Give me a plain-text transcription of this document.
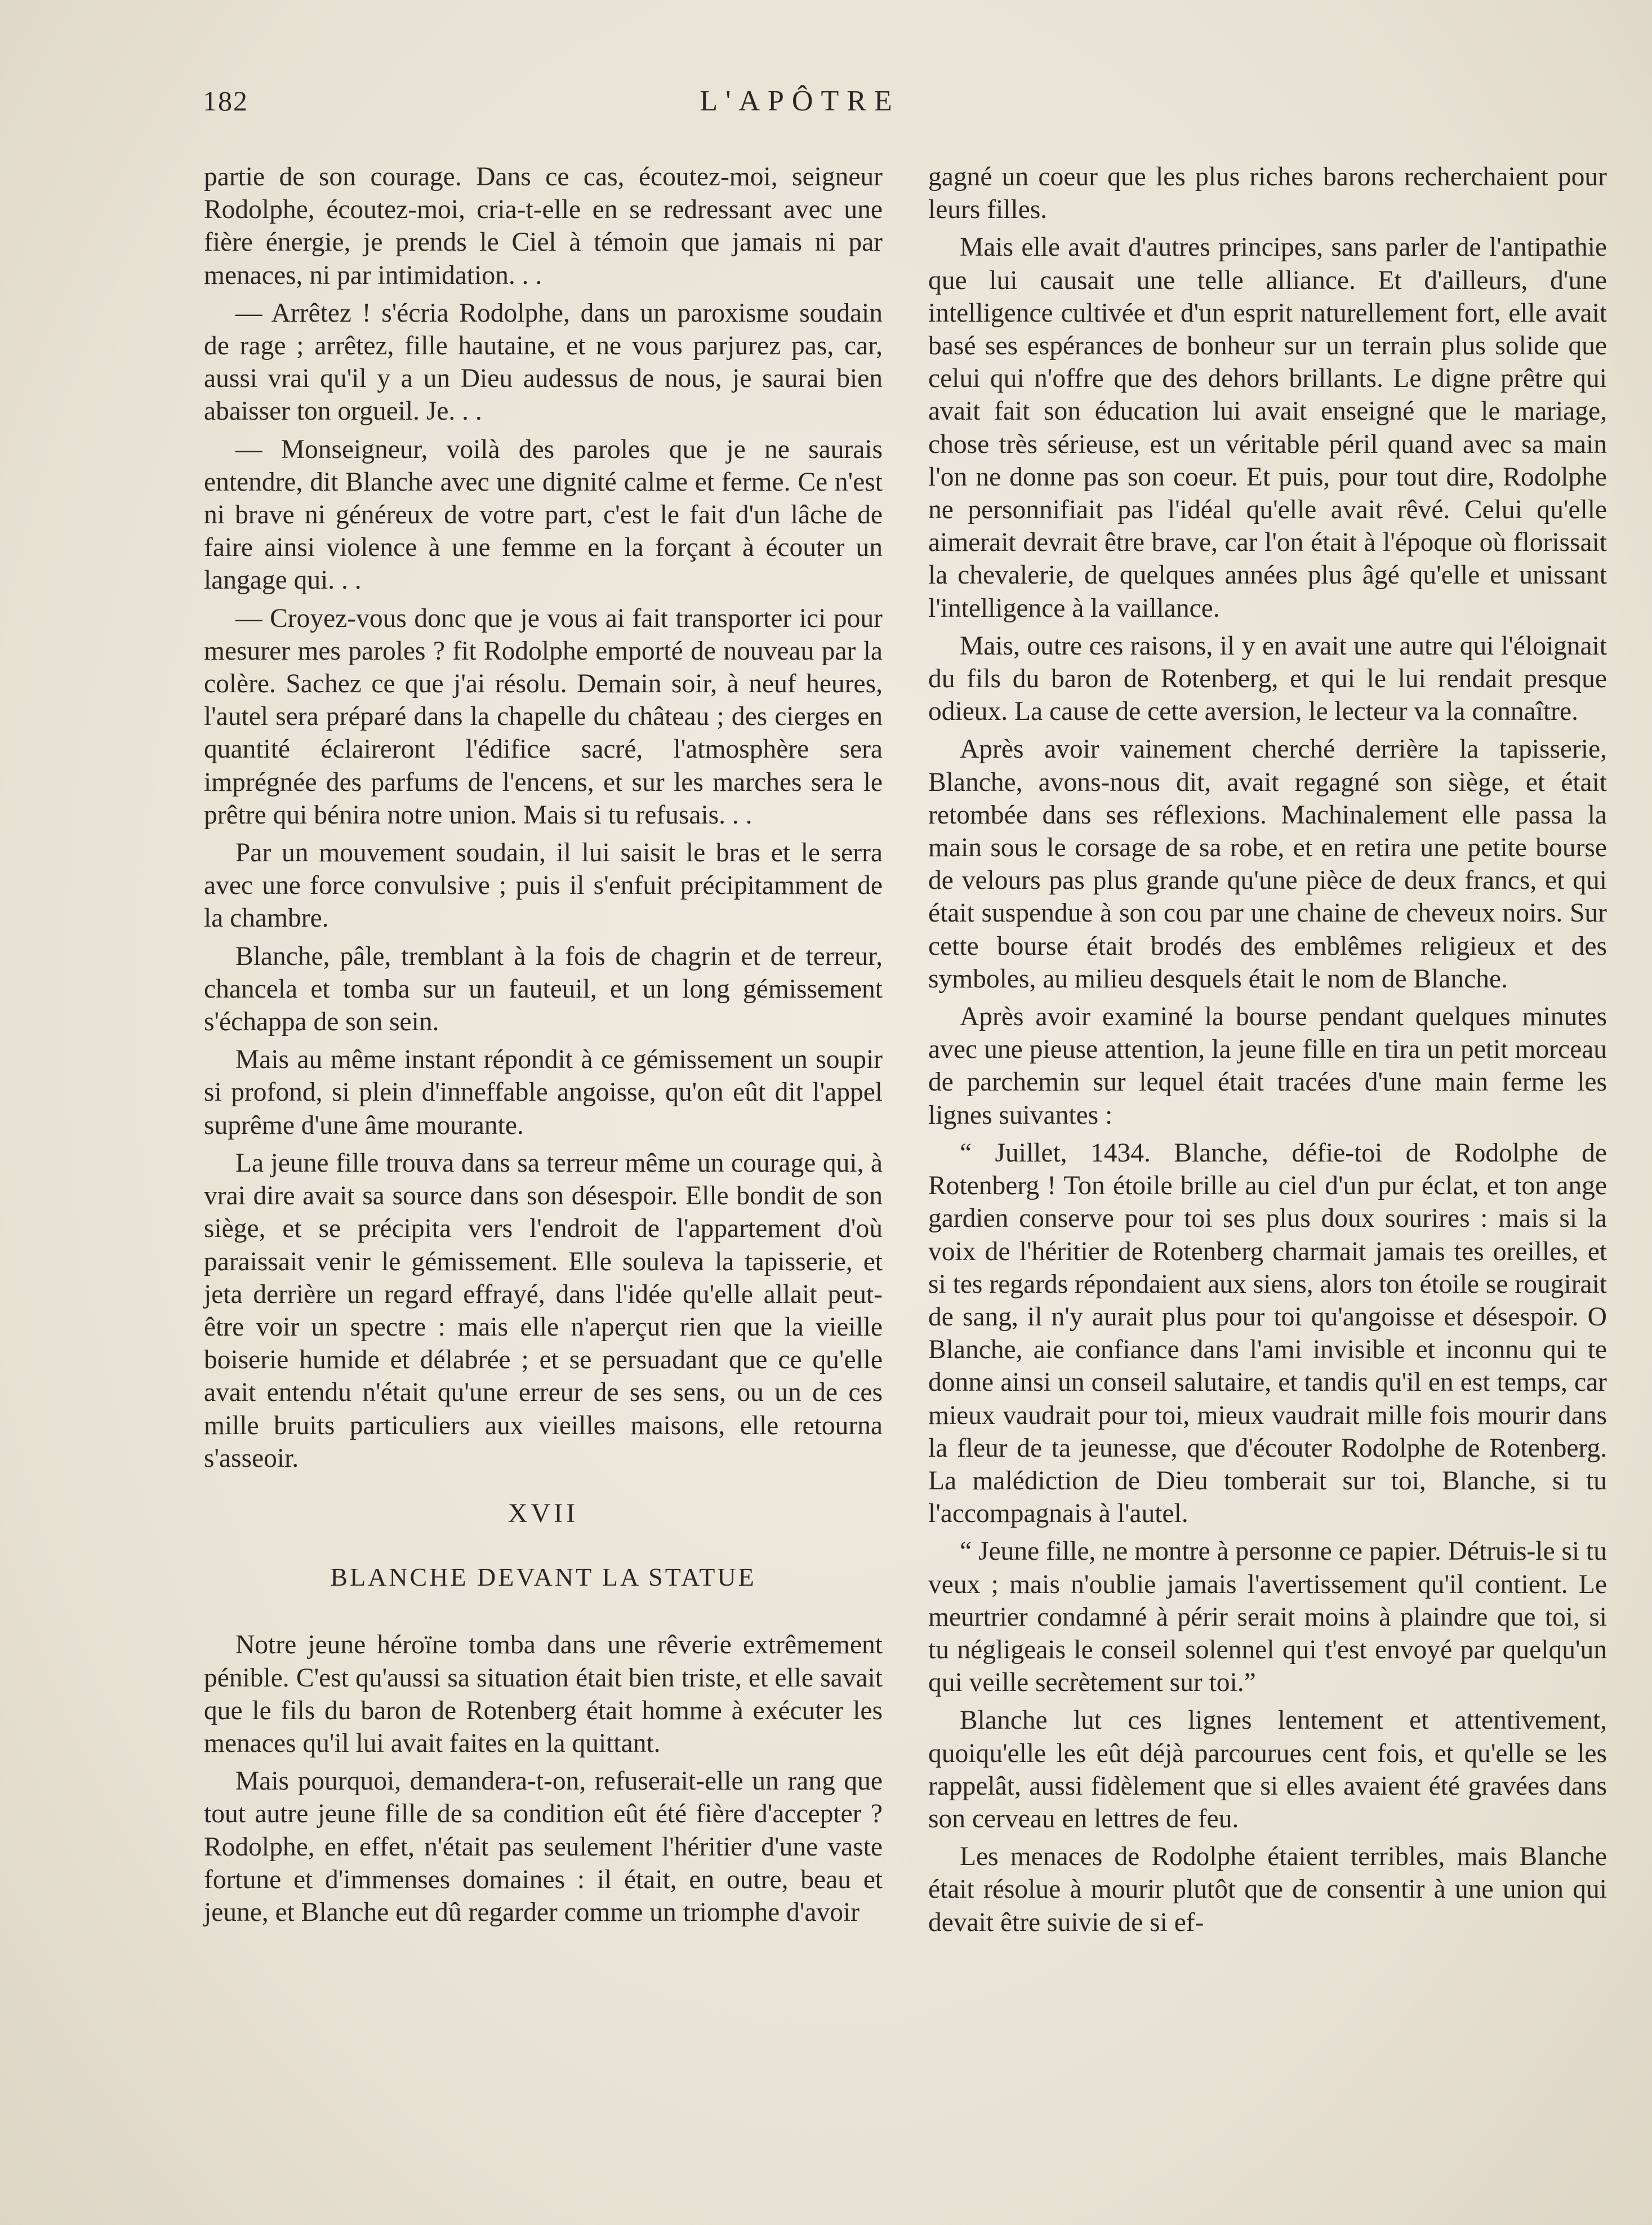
182	L'APÔTRE

partie de son courage. Dans ce cas, écoutez-moi, seigneur Rodolphe, écoutez-moi, cria-t-elle en se redressant avec une fière énergie, je prends le Ciel à témoin que jamais ni par menaces, ni par intimidation. . .

— Arrêtez ! s'écria Rodolphe, dans un paroxisme soudain de rage ; arrêtez, fille hautaine, et ne vous parjurez pas, car, aussi vrai qu'il y a un Dieu audessus de nous, je saurai bien abaisser ton orgueil. Je. . .

— Monseigneur, voilà des paroles que je ne saurais entendre, dit Blanche avec une dignité calme et ferme. Ce n'est ni brave ni généreux de votre part, c'est le fait d'un lâche de faire ainsi violence à une femme en la forçant à écouter un langage qui. . .

— Croyez-vous donc que je vous ai fait transporter ici pour mesurer mes paroles ? fit Rodolphe emporté de nouveau par la colère. Sachez ce que j'ai résolu. Demain soir, à neuf heures, l'autel sera préparé dans la chapelle du château ; des cierges en quantité éclaireront l'édifice sacré, l'atmosphère sera imprégnée des parfums de l'encens, et sur les marches sera le prêtre qui bénira notre union. Mais si tu refusais. . .

Par un mouvement soudain, il lui saisit le bras et le serra avec une force convulsive ; puis il s'enfuit précipitamment de la chambre.

Blanche, pâle, tremblant à la fois de chagrin et de terreur, chancela et tomba sur un fauteuil, et un long gémissement s'échappa de son sein.

Mais au même instant répondit à ce gémissement un soupir si profond, si plein d'inneffable angoisse, qu'on eût dit l'appel suprême d'une âme mourante.

La jeune fille trouva dans sa terreur même un courage qui, à vrai dire avait sa source dans son désespoir. Elle bondit de son siège, et se précipita vers l'endroit de l'appartement d'où paraissait venir le gémissement. Elle souleva la tapisserie, et jeta derrière un regard effrayé, dans l'idée qu'elle allait peut-être voir un spectre : mais elle n'aperçut rien que la vieille boiserie humide et délabrée ; et se persuadant que ce qu'elle avait entendu n'était qu'une erreur de ses sens, ou un de ces mille bruits particuliers aux vieilles maisons, elle retourna s'asseoir.

XVII
BLANCHE DEVANT LA STATUE

Notre jeune héroïne tomba dans une rêverie extrêmement pénible. C'est qu'aussi sa situation était bien triste, et elle savait que le fils du baron de Rotenberg était homme à exécuter les menaces qu'il lui avait faites en la quittant.

Mais pourquoi, demandera-t-on, refuserait-elle un rang que tout autre jeune fille de sa condition eût été fière d'accepter ? Rodolphe, en effet, n'était pas seulement l'héritier d'une vaste fortune et d'immenses domaines : il était, en outre, beau et jeune, et Blanche eut dû regarder comme un triomphe d'avoir

gagné un coeur que les plus riches barons recherchaient pour leurs filles.

Mais elle avait d'autres principes, sans parler de l'antipathie que lui causait une telle alliance. Et d'ailleurs, d'une intelligence cultivée et d'un esprit naturellement fort, elle avait basé ses espérances de bonheur sur un terrain plus solide que celui qui n'offre que des dehors brillants. Le digne prêtre qui avait fait son éducation lui avait enseigné que le mariage, chose très sérieuse, est un véritable péril quand avec sa main l'on ne donne pas son coeur. Et puis, pour tout dire, Rodolphe ne personnifiait pas l'idéal qu'elle avait rêvé. Celui qu'elle aimerait devrait être brave, car l'on était à l'époque où florissait la chevalerie, de quelques années plus âgé qu'elle et unissant l'intelligence à la vaillance.

Mais, outre ces raisons, il y en avait une autre qui l'éloignait du fils du baron de Rotenberg, et qui le lui rendait presque odieux. La cause de cette aversion, le lecteur va la connaître.

Après avoir vainement cherché derrière la tapisserie, Blanche, avons-nous dit, avait regagné son siège, et était retombée dans ses réflexions. Machinalement elle passa la main sous le corsage de sa robe, et en retira une petite bourse de velours pas plus grande qu'une pièce de deux francs, et qui était suspendue à son cou par une chaine de cheveux noirs. Sur cette bourse était brodés des emblêmes religieux et des symboles, au milieu desquels était le nom de Blanche.

Après avoir examiné la bourse pendant quelques minutes avec une pieuse attention, la jeune fille en tira un petit morceau de parchemin sur lequel était tracées d'une main ferme les lignes suivantes :

“ Juillet, 1434. Blanche, défie-toi de Rodolphe de Rotenberg ! Ton étoile brille au ciel d'un pur éclat, et ton ange gardien conserve pour toi ses plus doux sourires : mais si la voix de l'héritier de Rotenberg charmait jamais tes oreilles, et si tes regards répondaient aux siens, alors ton étoile se rougirait de sang, il n'y aurait plus pour toi qu'angoisse et désespoir. O Blanche, aie confiance dans l'ami invisible et inconnu qui te donne ainsi un conseil salutaire, et tandis qu'il en est temps, car mieux vaudrait pour toi, mieux vaudrait mille fois mourir dans la fleur de ta jeunesse, que d'écouter Rodolphe de Rotenberg. La malédiction de Dieu tomberait sur toi, Blanche, si tu l'accompagnais à l'autel.

“ Jeune fille, ne montre à personne ce papier. Détruis-le si tu veux ; mais n'oublie jamais l'avertissement qu'il contient. Le meurtrier condamné à périr serait moins à plaindre que toi, si tu négligeais le conseil solennel qui t'est envoyé par quelqu'un qui veille secrètement sur toi.”

Blanche lut ces lignes lentement et attentivement, quoiqu'elle les eût déjà parcourues cent fois, et qu'elle se les rappelât, aussi fidèlement que si elles avaient été gravées dans son cerveau en lettres de feu.

Les menaces de Rodolphe étaient terribles, mais Blanche était résolue à mourir plutôt que de consentir à une union qui devait être suivie de si ef-
